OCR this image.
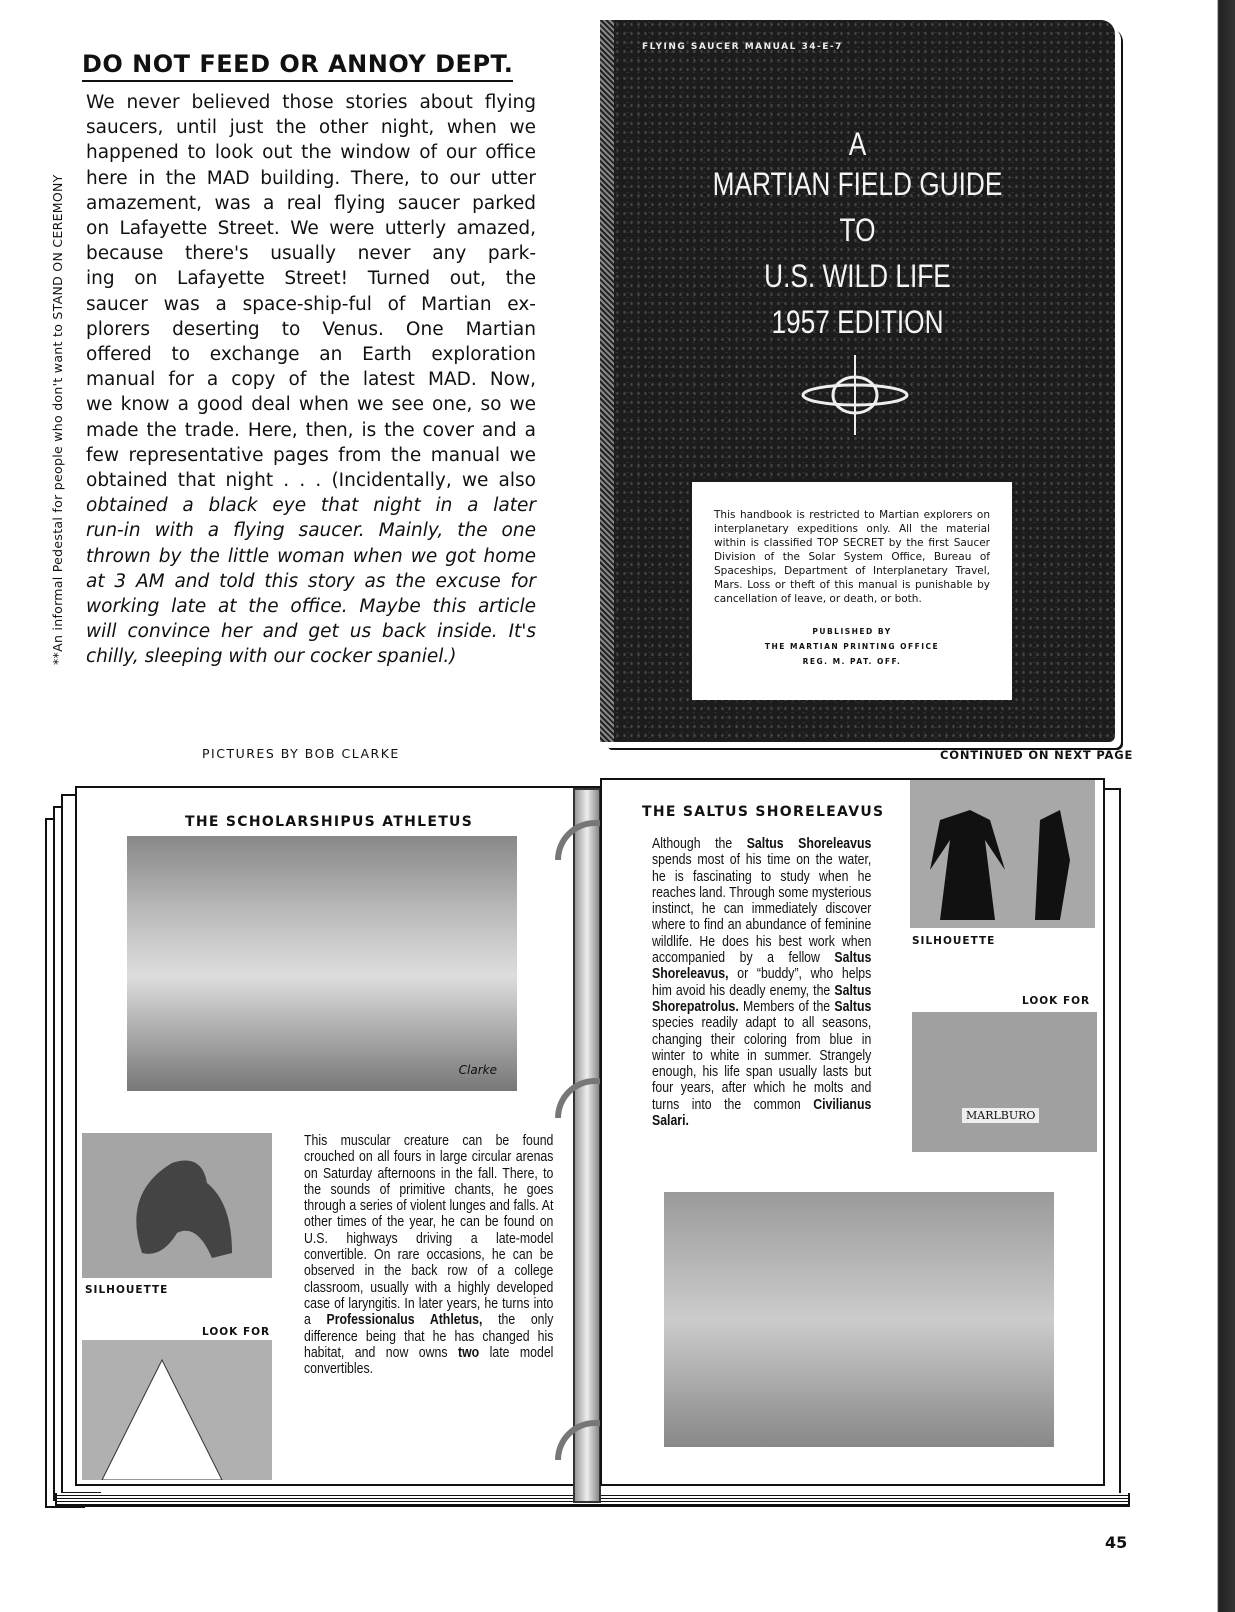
**An informal Pedestal for people who don't want to STAND ON CEREMONY
DO NOT FEED OR ANNOY DEPT.
We never believed those stories about flying
saucers, until just the other night, when we
happened to look out the window of our office
here in the MAD building. There, to our utter
amazement, was a real flying saucer parked
on Lafayette Street. We were utterly amazed,
because there's usually never any park-
ing on Lafayette Street! Turned out, the
saucer was a space-ship-ful of Martian ex-
plorers deserting to Venus. One Martian
offered to exchange an Earth exploration
manual for a copy of the latest MAD. Now,
we know a good deal when we see one, so we
made the trade. Here, then, is the cover and a
few representative pages from the manual we
obtained that night . . . (Incidentally, we also
obtained a black eye that night in a later
run-in with a flying saucer. Mainly, the one
thrown by the little woman when we got home
at 3 AM and told this story as the excuse for
working late at the office. Maybe this article
will convince her and get us back inside. It's
chilly, sleeping with our cocker spaniel.)
PICTURES BY BOB CLARKE	CONTINUED ON NEXT PAGE
FLYING SAUCER MANUAL 34-E-7
A
MARTIAN FIELD GUIDE
TO
U.S. WILD LIFE
1957 EDITION
This handbook is restricted to Martian explorers on interplanetary expeditions only. All the material within is classified TOP SECRET by the first Saucer Division of the Solar System Office, Bureau of Spaceships, Department of Interplanetary Travel, Mars. Loss or theft of this manual is punishable by cancellation of leave, or death, or both.
PUBLISHED BY
THE MARTIAN PRINTING OFFICE
REG. M. PAT. OFF.
THE SCHOLARSHIPUS ATHLETUS
Clarke
SILHOUETTE
LOOK FOR
This muscular creature can be found crouched on all fours in large circular arenas on Saturday afternoons in the fall. There, to the sounds of primitive chants, he goes through a series of violent lunges and falls. At other times of the year, he can be found on U.S. highways driving a late-model convertible. On rare occasions, he can be observed in the back row of a college classroom, usually with a highly developed case of laryngitis. In later years, he turns into a Professionalus Athletus, the only difference being that he has changed his habitat, and now owns two late model convertibles.
THE SALTUS SHORELEAVUS
Although the Saltus Shoreleavus spends most of his time on the water, he is fascinating to study when he reaches land. Through some mysterious instinct, he can immediately discover where to find an abundance of feminine wildlife. He does his best work when accompanied by a fellow Saltus Shoreleavus, or “buddy”, who helps him avoid his deadly enemy, the Saltus Shorepatrolus. Members of the Saltus species readily adapt to all seasons, changing their coloring from blue in winter to white in summer. Strangely enough, his life span usually lasts but four years, after which he molts and turns into the common Civilianus Salari.
SILHOUETTE
LOOK FOR
MARLBURO
45
